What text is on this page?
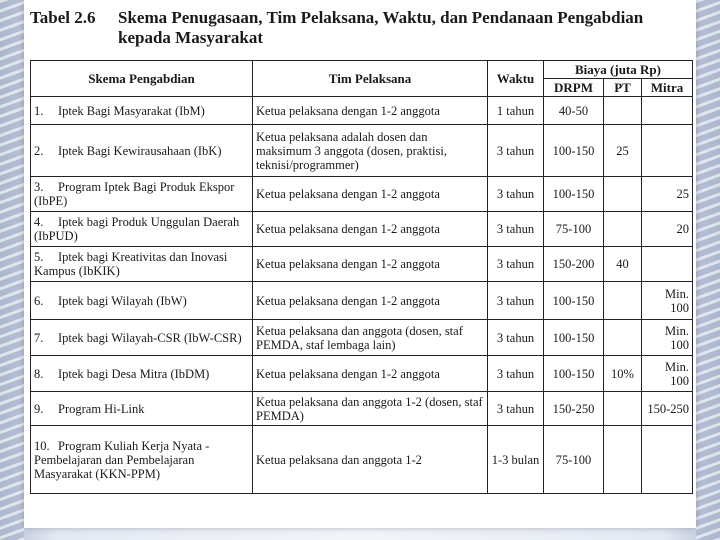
Tabel 2.6 Skema Penugasaan, Tim Pelaksana, Waktu, dan Pendanaan Pengabdian
kepada Masyarakat
Skema Pengabdian	Tim Pelaksana	Waktu	Biaya (juta Rp)		
			DRPM	PT	Mitra
1. Iptek Bagi Masyarakat (IbM)	Ketua pelaksana dengan 1-2 anggota	1 tahun	40-50		
2. Iptek Bagi Kewirausahaan (IbK)	Ketua pelaksana adalah dosen dan maksimum 3 anggota (dosen, praktisi, teknisi/programmer)	3 tahun	100-150	25	
3. Program Iptek Bagi Produk Ekspor (IbPE)	Ketua pelaksana dengan 1-2 anggota	3 tahun	100-150		25
4. Iptek bagi Produk Unggulan Daerah (IbPUD)	Ketua pelaksana dengan 1-2 anggota	3 tahun	75-100		20
5. Iptek bagi Kreativitas dan Inovasi Kampus (IbKIK)	Ketua pelaksana dengan 1-2 anggota	3 tahun	150-200	40	
6. Iptek bagi Wilayah (IbW)	Ketua pelaksana dengan 1-2 anggota	3 tahun	100-150		Min. 100
7. Iptek bagi Wilayah-CSR (IbW-CSR)	Ketua pelaksana dan anggota (dosen, staf PEMDA, staf lembaga lain)	3 tahun	100-150		Min. 100
8. Iptek bagi Desa Mitra (IbDM)	Ketua pelaksana dengan 1-2 anggota	3 tahun	100-150	10%	Min. 100
9. Program Hi-Link	Ketua pelaksana dan anggota 1-2 (dosen, staf PEMDA)	3 tahun	150-250		150-250
10. Program Kuliah Kerja Nyata - Pembelajaran dan Pembelajaran Masyarakat (KKN-PPM)	Ketua pelaksana dan anggota 1-2	1-3 bulan	75-100		
